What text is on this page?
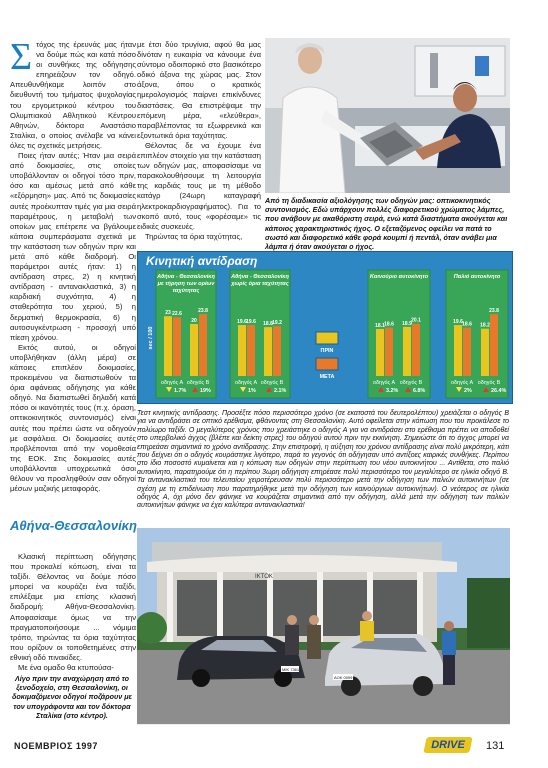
Σ τόχος της έρευνάς μας ήταν να δούμε πώς και κατά πόσο οι συνθήκες της οδήγησης επηρεάζουν τον οδηγό. Απευθυνθήκαμε λοιπόν στο διευθυντή του τμήματος ψυχολογίας του εργομετρικού κέντρου του Ολυμπιακού Αθλητικού Κέντρου Αθηνών, δόκτορα Αναστάσιο Σταλίκα, ο οποίος ανέλαβε να κάνει όλες τις σχετικές μετρήσεις.

Ποιες ήταν αυτές; Ήταν μια σειρά από δοκιμασίες, στις οποίες υποβάλλονταν οι οδηγοί τόσο πριν, όσο και αμέσως μετά από κάθε «εξόρμηση» μας. Από τις δοκιμασίες αυτές προέκυπταν τιμές για μια σειρά παραμέτρους, η μεταβολή των οποίων μας επέτρεπε να βγάλουμε κάποια συμπεράσματα σχετικά με την κατάσταση των οδηγών πριν και μετά από κάθε διαδρομή. Οι παράμετροι αυτές ήταν: 1) η αντίδραση στρες, 2) η κινητική αντίδραση - αντανακλαστικά, 3) η καρδιακή συχνότητα, 4) η σταθερότητα του χεριού, 5) η δερματική θερμοκρασία, 6) η αυτοσυγκέντρωση - προσοχή υπό πίεση χρόνου.

Εκτός αυτού, οι οδηγοί υποβλήθηκαν (άλλη μέρα) σε κάποιες επιπλέον δοκιμασίες, προκειμένου να διαπιστωθούν τα όρια αφάνειας οδήγησης για κάθε οδηγό. Να διαπιστωθεί δηλαδή κατά πόσο οι ικανότητές τους (π.χ. όραση, οπτικοκινητικός συντονισμός) είναι αυτές που πρέπει ώστε να οδηγούν με ασφάλεια. Οι δοκιμασίες αυτές προβλέπονται από την νομοθεσία της ΕΟΚ. Στις δοκιμασίες αυτές υποβάλλονται υποχρεωτικά όσοι θέλουν να προσληφθούν σαν οδηγοί μέσων μαζικής μεταφοράς.

Αθήνα-Θεσσαλονίκη

Κλασική περίπτωση οδήγησης που προκαλεί κόπωση, είναι τα ταξίδι. Θέλοντας να δούμε πόσο μπορεί να κουράζει ένα ταξίδι, επιλέξαμε μια επίσης κλασική διαδρομή: Αθήνα-Θεσσαλονίκη. Αποφασίσαμε όμως να την πραγματοποιήσουμε ... νόμιμα τρόπο, τηρώντας τα όρια ταχύτητας που ορίζουν οι τοποθετημένες στην εθνική οδό πινακίδες.

Με ένα ομαδο θα κτυπούσα-

με έτσι δύο τρυγίνια, αφού θα μας δίνόταν η ευκαιρία να κάνουμε ένα σύντομο οδοιπορικό στο βασικότερο οδικό άξονα της χώρας μας. Στον άξονα, όπου ο κρατικός ημερολογισμός παίρνει επικίνδυνες διαστάσεις. Θα επιστρέψαμε την επόμενη μέρα, «ελεύθερα», παραβλέποντας τα εξωφρενικά και εξοντωτικά όρια ταχύτητας.

Θέλοντας δε να έχουμε ένα επιπλέον στοιχείο για την κατάσταση των οδηγών μας, αποφασίσαμε να παρακολουθήσουμε τη λειτουργία της καρδιάς τους με τη μέθοδο κατάγρ (24ωρη καταγραφή ηλεκτροκαρδιογραφήματος). Για το σκοπό αυτό, τους «φορέσαμε» τις ειδικές συσκευές.

Τηρώντας τα όρια ταχύτητας,

Από τη διαδικασία αξιολόγησης των οδηγών μας: οπτικοκινητικός συντονισμός. Εδώ υπάρχουν πολλές διαφορετικού χρώματος λάμπες, που ανάβουν με ακαθόριστη σειρά, ενώ κατά διαστήματα ακούγεται και κάποιος χαρακτηριστικός ήχος. Ο εξεταζόμενος οφείλει να πατά το σωστό και διαφορετικό κάθε φορά κουμπί ή πεντάλ, όταν ανάβει μια λάμπα ή όταν ακούγεται ο ήχος.
Κινητική αντίδραση
sec / 100
Αθήνα - Θεσσαλονίκη
με τήρηση των ορίων
ταχύτητας
23 22.6
οδηγός Α
1.7%
20
23.8
οδηγός Β
19%
Αθήνα - Θεσσαλονίκη
χωρίς όρια ταχύτητας
19.6 19.6
οδηγός Α
1%
18.8 19.2
οδηγός Β
2.1%
Καινούριο αυτοκίνητο
18.1 18.6
οδηγός Α
3.2%
18.9
20.1
οδηγός Β
6.8%
Παλιό αυτοκίνητο
19.6 18.6
οδηγός Α
2%
18.2
23.8
οδηγός Β
26.4%
ΠΡΙΝ
ΜΕΤΑ
Τεστ κινητικής αντίδρασης. Προσέξτε πόσο περισσότερο χρόνο (σε εκατοστά του δευτερολέπτου) χρειάζεται ο οδηγός Β για να αντιδράσει σε οπτικό ερέθισμα, φθάνοντας στη Θεσσαλονίκη. Αυτό οφείλεται στην κόπωση που του προκάλεσε το πολύωρο ταξίδι. Ο μεγαλύτερος χρόνος που χρειάστηκε ο οδηγός Α για να αντιδράσει στο ερέθισμα πρέπει να αποδοθεί στο υπερβολικό άγχος (βλέπε και δείκτη στρες) του οδηγού αυτού πριν την εκκίνηση. Σημειώστε ότι το άγχος μπορεί να επηρεάσει σημαντικά το χρόνο αντίδρασης. Στην επιστροφή, η αύξηση του χρόνου αντίδρασης είναι πολύ μικρότερη, κάτι που δείχνει ότι ο οδηγός κουράστηκε λιγότερο, παρά το γεγονός ότι οδήγησαν υπό αντίξοες καιρικές συνθήκες. Περίπου στο ίδιο ποσοστό κυμαίνεται και η κόπωση των οδηγών στην περίπτωση του νέου αυτοκινήτου ... Αντίθετα, στο παλιό αυτοκίνητο, παρατηρούμε ότι η περίπου 3ωρη οδήγηση επηρέασε πολύ περισσότερο τον μεγαλύτερο σε ηλικία οδηγό Β. Τα αντανακλαστικά του τελευταίου χειροτέρευσαν πολύ περισσότερο μετά την οδήγηση των παλιών αυτοκινήτων (σε σχέση με τη επιδείνωση που παρατηρήθηκε μετά την οδήγηση των καινούργιων αυτοκινήτων). Ο νεότερος σε ηλικία οδηγός Α, όχι μόνο δεν φάνηκε να κουράζεται σημαντικά από την οδήγηση, αλλά μετά την οδήγηση των παλιών αυτοκινήτων φάνηκε να έχει καλύτερα αντανακλαστικά!
ΙΚΤΟΚ
ΜΙΚ 7361
ΑΟΚ 0099
Λίγο πριν την αναχώρηση από το ξενοδοχείο, στη Θεσσαλονίκη, οι δοκιμαζόμενοι οδηγοί ποζάρουν με τον υπογράφοντα και τον δόκτορα Σταλίκα (στο κέντρο).
ΝΟΕΜΒΡΙΟΣ 1997	DRIVE	131
